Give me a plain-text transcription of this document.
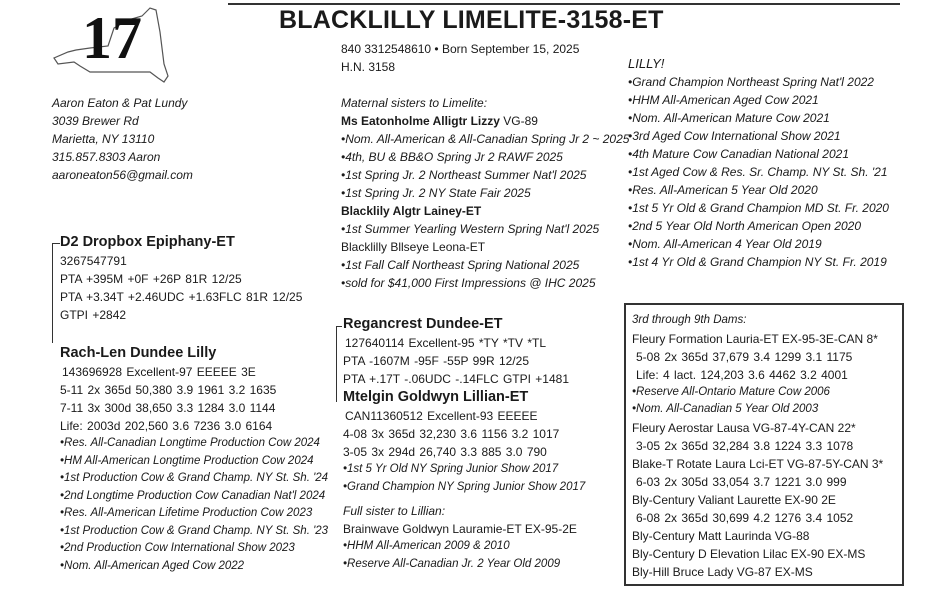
17	BLACKLILLY LIMELITE-3158-ET
Aaron Eaton & Pat Lundy
3039 Brewer Rd
Marietta, NY 13110
315.857.8303 Aaron
aaroneaton56@gmail.com
840 3312548610 • Born September 15, 2025
H.N. 3158
Maternal sisters to Limelite:
Ms Eatonholme Alligtr Lizzy VG-89
•Nom. All-American & All-Canadian Spring Jr 2 ~ 2025
•4th, BU & BB&O Spring Jr 2 RAWF 2025
•1st Spring Jr. 2 Northeast Summer Nat'l 2025
•1st Spring Jr. 2 NY State Fair 2025
Blacklily Algtr Lainey-ET
•1st Summer Yearling Western Spring Nat'l 2025
Blacklilly Bllseye Leona-ET
•1st Fall Calf Northeast Spring National 2025
•sold for $41,000 First Impressions @ IHC 2025
LILLY!
•Grand Champion Northeast Spring Nat'l 2022
•HHM All-American Aged Cow 2021
•Nom. All-American Mature Cow 2021
•3rd Aged Cow International Show 2021
•4th Mature Cow Canadian National 2021
•1st Aged Cow & Res. Sr. Champ. NY St. Sh. '21
•Res. All-American 5 Year Old 2020
•1st 5 Yr Old & Grand Champion MD St. Fr. 2020
•2nd 5 Year Old North American Open 2020
•Nom. All-American 4 Year Old 2019
•1st 4 Yr Old & Grand Champion NY St. Fr. 2019
D2 Dropbox Epiphany-ET
3267547791
PTA +395M +0F +26P 81R 12/25
PTA +3.34T +2.46UDC +1.63FLC 81R 12/25
GTPI +2842
Rach-Len Dundee Lilly
143696928 Excellent-97 EEEEE 3E
5-11 2x 365d 50,380 3.9 1961 3.2 1635
7-11 3x 300d 38,650 3.3 1284 3.0 1144
Life: 2003d 202,560 3.6 7236 3.0 6164
•Res. All-Canadian Longtime Production Cow 2024
•HM All-American Longtime Production Cow 2024
•1st Production Cow & Grand Champ. NY St. Sh. '24
•2nd Longtime Production Cow Canadian Nat'l 2024
•Res. All-American Lifetime Production Cow 2023
•1st Production Cow & Grand Champ. NY St. Sh. '23
•2nd Production Cow International Show 2023
•Nom. All-American Aged Cow 2022
Regancrest Dundee-ET
127640114 Excellent-95 *TY *TV *TL
PTA -1607M -95F -55P 99R 12/25
PTA +.17T -.06UDC -.14FLC GTPI +1481
Mtelgin Goldwyn Lillian-ET
CAN11360512 Excellent-93 EEEEE
4-08 3x 365d 32,230 3.6 1156 3.2 1017
3-05 3x 294d 26,740 3.3 885 3.0 790
•1st 5 Yr Old NY Spring Junior Show 2017
•Grand Champion NY Spring Junior Show 2017
Full sister to Lillian:
Brainwave Goldwyn Lauramie-ET EX-95-2E
•HHM All-American 2009 & 2010
•Reserve All-Canadian Jr. 2 Year Old 2009
3rd through 9th Dams:
Fleury Formation Lauria-ET EX-95-3E-CAN 8*
5-08 2x 365d 37,679 3.4 1299 3.1 1175
Life: 4 lact. 124,203 3.6 4462 3.2 4001
•Reserve All-Ontario Mature Cow 2006
•Nom. All-Canadian 5 Year Old 2003
Fleury Aerostar Lausa VG-87-4Y-CAN 22*
3-05 2x 365d 32,284 3.8 1224 3.3 1078
Blake-T Rotate Laura Lci-ET VG-87-5Y-CAN 3*
6-03 2x 305d 33,054 3.7 1221 3.0 999
Bly-Century Valiant Laurette EX-90 2E
6-08 2x 365d 30,699 4.2 1276 3.4 1052
Bly-Century Matt Laurinda VG-88
Bly-Century D Elevation Lilac EX-90 EX-MS
Bly-Hill Bruce Lady VG-87 EX-MS
